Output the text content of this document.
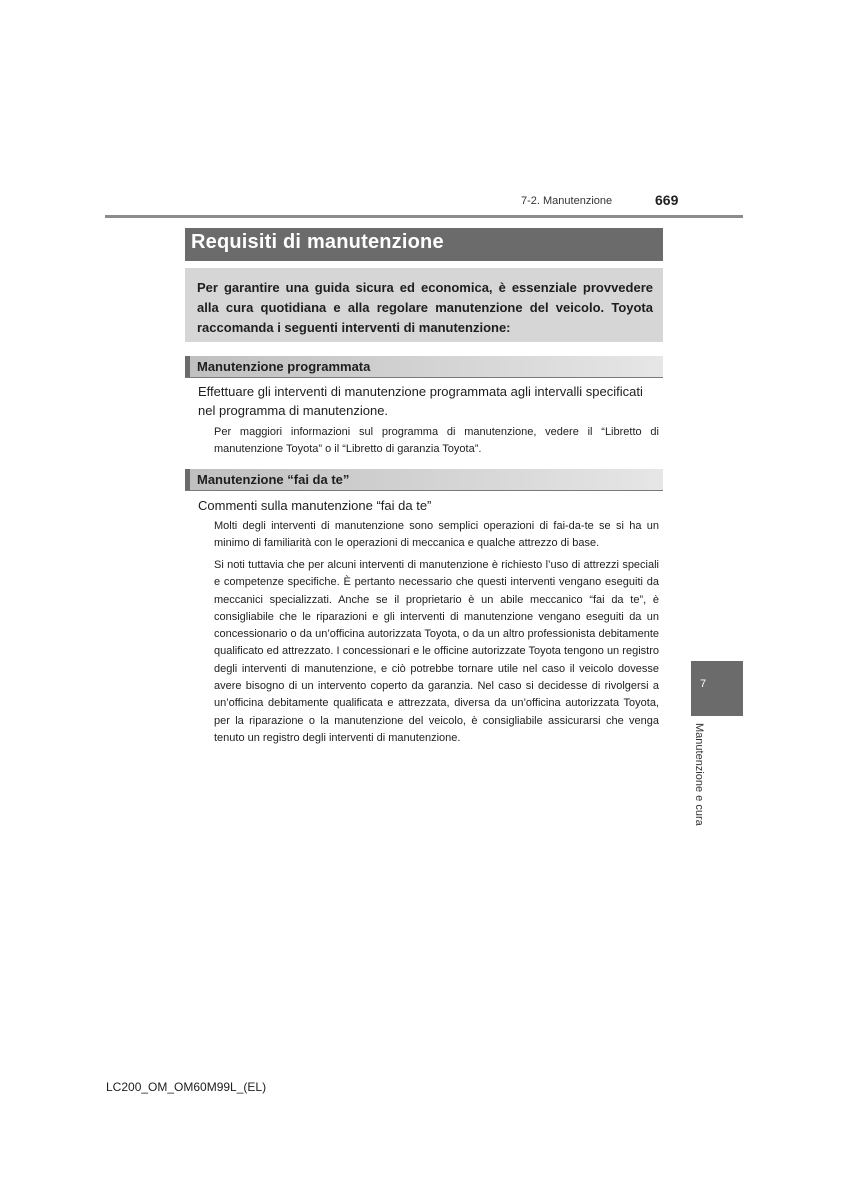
7-2. Manutenzione	669
Requisiti di manutenzione
Per garantire una guida sicura ed economica, è essenziale provvedere alla cura quotidiana e alla regolare manutenzione del veicolo. Toyota raccomanda i seguenti interventi di manutenzione:
Manutenzione programmata
Effettuare gli interventi di manutenzione programmata agli intervalli specificati nel programma di manutenzione.
Per maggiori informazioni sul programma di manutenzione, vedere il “Libretto di manutenzione Toyota” o il “Libretto di garanzia Toyota”.
Manutenzione “fai da te”
Commenti sulla manutenzione “fai da te”
Molti degli interventi di manutenzione sono semplici operazioni di fai-da-te se si ha un minimo di familiarità con le operazioni di meccanica e qualche attrezzo di base.
Si noti tuttavia che per alcuni interventi di manutenzione è richiesto l’uso di attrezzi speciali e competenze specifiche. È pertanto necessario che questi interventi vengano eseguiti da meccanici specializzati. Anche se il proprietario è un abile meccanico “fai da te”, è consigliabile che le riparazioni e gli interventi di manutenzione vengano eseguiti da un concessionario o da un’officina autorizzata Toyota, o da un altro professionista debitamente qualificato ed attrezzato. I concessionari e le officine autorizzate Toyota tengono un registro degli interventi di manutenzione, e ciò potrebbe tornare utile nel caso il veicolo dovesse avere bisogno di un intervento coperto da garanzia. Nel caso si decidesse di rivolgersi a un’officina debitamente qualificata e attrezzata, diversa da un’officina autorizzata Toyota, per la riparazione o la manutenzione del veicolo, è consigliabile assicurarsi che venga tenuto un registro degli interventi di manutenzione.
7
Manutenzione e cura
LC200_OM_OM60M99L_(EL)
